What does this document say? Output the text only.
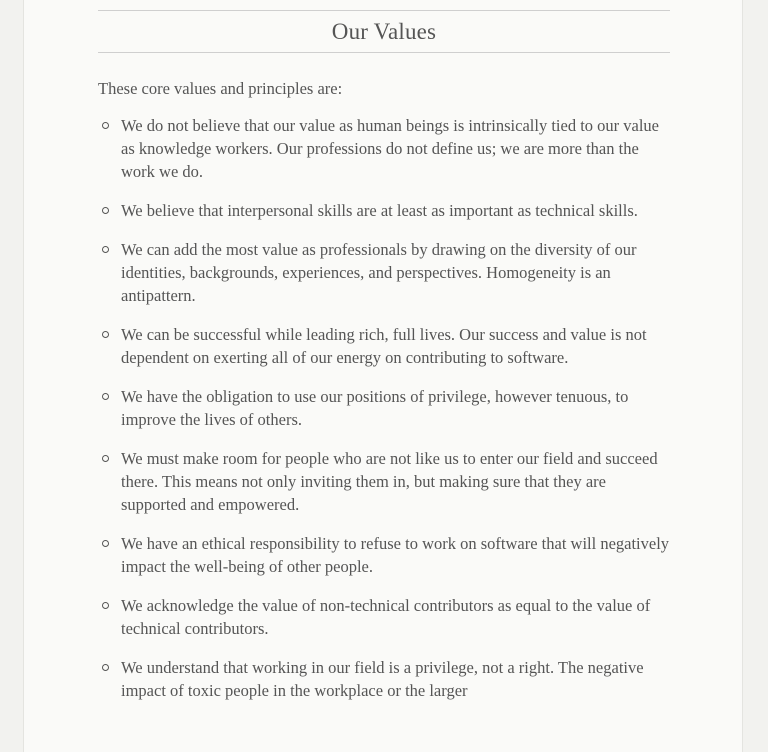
Our Values

These core values and principles are:

We do not believe that our value as human beings is intrinsically tied to our value as knowledge workers. Our professions do not define us; we are more than the work we do.
We believe that interpersonal skills are at least as important as technical skills.
We can add the most value as professionals by drawing on the diversity of our identities, backgrounds, experiences, and perspectives. Homogeneity is an antipattern.
We can be successful while leading rich, full lives. Our success and value is not dependent on exerting all of our energy on contributing to software.
We have the obligation to use our positions of privilege, however tenuous, to improve the lives of others.
We must make room for people who are not like us to enter our field and succeed there. This means not only inviting them in, but making sure that they are supported and empowered.
We have an ethical responsibility to refuse to work on software that will negatively impact the well-being of other people.
We acknowledge the value of non-technical contributors as equal to the value of technical contributors.
We understand that working in our field is a privilege, not a right. The negative impact of toxic people in the workplace or the larger
